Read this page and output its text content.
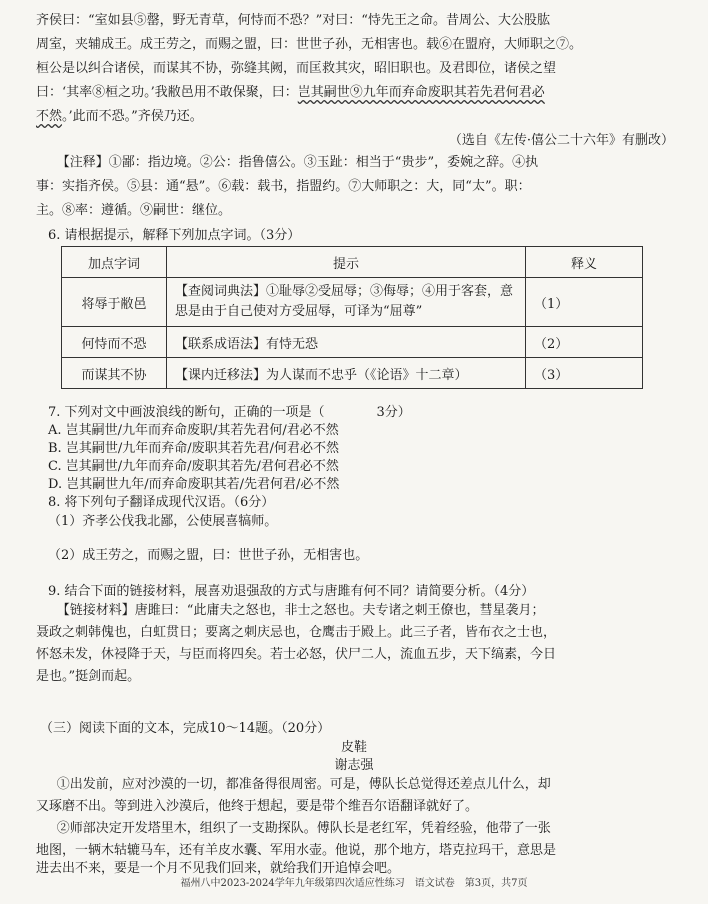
齐侯曰：“室如县⑤罄，野无青草，何恃而不恐？”对曰：“恃先王之命。昔周公、大公股肱
周室，夹辅成王。成王劳之，而赐之盟，曰：世世子孙，无相害也。载⑥在盟府，大师职之⑦。
桓公是以纠合诸侯，而谋其不协，弥缝其阙，而匡救其灾，昭旧职也。及君即位，诸侯之望
曰：‘其率⑧桓之功。’我敝邑用不敢保聚，曰：岂其嗣世⑨九年而弃命废职其若先君何君必
不然。’此而不恐。”齐侯乃还。
（选自《左传·僖公二十六年》有删改）
【注释】①鄙：指边境。②公：指鲁僖公。③玉趾：相当于“贵步”，委婉之辞。④执
事：实指齐侯。⑤县：通“悬”。⑥载：载书，指盟约。⑦大师职之：大，同“太”。职：
主。⑧率：遵循。⑨嗣世：继位。
6. 请根据提示，解释下列加点字词。（3分）
加点字词	提示	释义
将辱于敝邑	【查阅词典法】①耻辱②受屈辱；③侮辱；④用于客套，意思是由于自己使对方受屈辱，可译为“屈尊”	（1）
何恃而不恐	【联系成语法】有恃无恐	（2）
而谋其不协	【课内迁移法】为人谋而不忠乎（《论语》十二章）	（3）
7. 下列对文中画波浪线的断句，正确的一项是（　　　　3分）
A. 岂其嗣世/九年而弃命废职/其若先君何/君必不然
B. 岂其嗣世/九年而弃命/废职其若先君/何君必不然
C. 岂其嗣世/九年而弃命/废职其若先/君何君必不然
D. 岂其嗣世九年/而弃命废职其若/先君何君/必不然
8. 将下列句子翻译成现代汉语。（6分）
（1）齐孝公伐我北鄙，公使展喜犒师。
（2）成王劳之，而赐之盟，曰：世世子孙，无相害也。
9. 结合下面的链接材料，展喜劝退强敌的方式与唐雎有何不同？请简要分析。（4分）
【链接材料】唐雎曰：“此庸夫之怒也，非士之怒也。夫专诸之刺王僚也，彗星袭月；
聂政之刺韩傀也，白虹贯日；要离之刺庆忌也，仓鹰击于殿上。此三子者，皆布衣之士也，
怀怒未发，休祲降于天，与臣而将四矣。若士必怒，伏尸二人，流血五步，天下缟素，今日
是也。”挺剑而起。
（三）阅读下面的文本，完成10～14题。（20分）
皮鞋
谢志强
①出发前，应对沙漠的一切，都准备得很周密。可是，傅队长总觉得还差点儿什么，却
又琢磨不出。等到进入沙漠后，他终于想起，要是带个维吾尔语翻译就好了。
②师部决定开发塔里木，组织了一支勘探队。傅队长是老红军，凭着经验，他带了一张
地图，一辆木轱辘马车，还有羊皮水囊、军用水壶。他说，那个地方，塔克拉玛干，意思是
进去出不来，要是一个月不见我们回来，就给我们开追悼会吧。
福州八中2023-2024学年九年级第四次适应性练习　语文试卷　第3页，共7页
